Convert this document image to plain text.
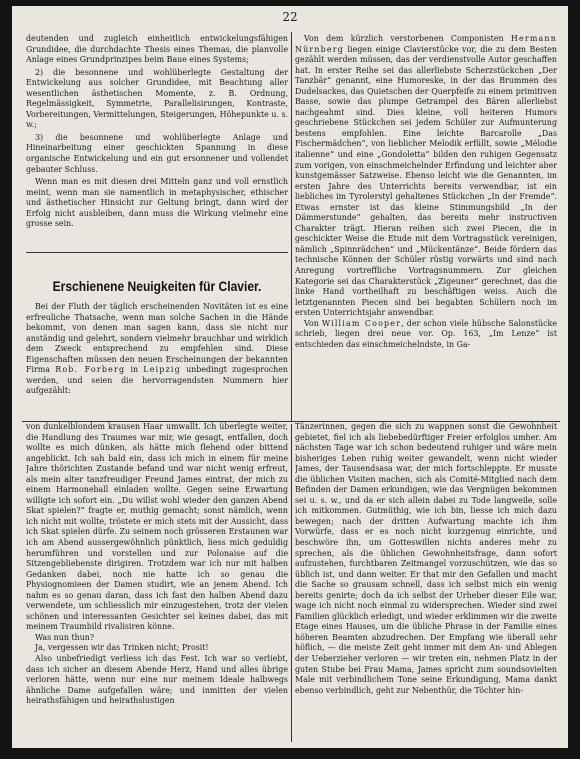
22

deutenden und zugleich einheitlich entwickelungsfähigen Grundidee, die durchdachte Thesis eines Themas, die planvolle Anlage eines Grundprinzipes beim Baue eines Systems;

2) die besonnene und wohlüberlegte Gestaltung der Entwickelung aus solcher Grundidee, mit Beachtung aller wesentlichen ästhetischen Momente, z. B. Ordnung, Regelmässigkeit, Symmetrie, Parallelisirungen, Kontraste, Vorbereitungen, Vermittelungen, Steigerungen, Höhepunkte u. s. w.;

3) die besonnene und wohlüberlegte Anlage und Hineinarbeitung einer geschickten Spannung in diese organische Entwickelung und ein gut ersonnener und vollendet gebauter Schluss.

Wenn man es mit diesen drei Mitteln ganz und voll ernstlich meint, wenn man sie namentlich in metaphysischer, ethischer und ästhetischer Hinsicht zur Geltung bringt, dann wird der Erfolg nicht ausbleiben, dann muss die Wirkung vielmehr eine grosse sein.

Erschienene Neuigkeiten für Clavier.

Bei der Fluth der täglich erscheinenden Novitäten ist es eine erfreuliche Thatsache, wenn man solche Sachen in die Hände bekommt, von denen man sagen kann, dass sie nicht nur anständig und gelehrt, sondern vielmehr brauchbar und wirklich dem Zweck entsprechend zu empfehlen sind. Diese Eigenschaften müssen den neuen Erscheinungen der bekannten Firma Rob. Forberg in Leipzig unbedingt zugesprochen werden, und seien die hervorragendsten Nummern hier aufgezählt:

Von dem kürzlich verstorbenen Componisten Hermann Nürnberg liegen einige Clavierstücke vor, die zu dem Besten gezählt werden müssen, das der verdienstvolle Autor geschaffen hat. In erster Reihe sei das allerliebste Scherzstückchen „Der Tanzbär“ genannt, eine Humoreske, in der das Brummen des Dudelsackes, das Quietschen der Querpfeife zu einem primitiven Basse, sowie das plumpe Getrampel des Bären allerliebst nachgeahmt sind. Dies kleine, voll heiteren Humors geschriebene Stückchen sei jedem Schüler zur Aufmunterung bestens empfohlen. Eine leichte Barcarolle „Das Fischermädchen“, von lieblicher Melodik erfüllt, sowie „Mélodie italienne“ und eine „Gondoletta“ bilden den ruhigen Gegensatz zum vorigen, von einschmeichelnder Erfindung und leichter aber kunstgemässer Satzweise. Ebenso leicht wie die Genannten, im ersten Jahre des Unterrichts bereits verwendbar, ist ein liebliches im Tyrolerstyl gehaltenes Stückchen „In der Fremde“. Etwas ernster ist das kleine Stimmungsbild „In der Dämmerstunde“ gehalten, das bereits mehr instructiven Charakter trägt. Hieran reihen sich zwei Piecen, die in geschickter Weise die Etude mit dem Vortragsstück vereinigen, nämlich „Spinnrädchen“ und „Mückentänze“. Beide fördern das technische Können der Schüler rüstig vorwärts und sind nach Anregung vortreffliche Vortragsnummern. Zur gleichen Kategorie sei das Charakterstück „Zigeuner“ gerechnet, das die linke Hand vortheilhaft zu beschäftigen weiss. Auch die letztgenannten Piecen sind bei begabten Schülern noch im ersten Unterrichtsjahr anwendbar.

Von William Cooper, der schon viele hübsche Salonstücke schrieb, liegen drei neue vor. Op. 163, „Im Lenze“ ist entschieden das einschmeichelndste, in Ga-

von dunkelblondem krausen Haar umwallt. Ich überlegte weiter, die Handlung des Traumes war mir, wie gesagt, entfallen, doch wollte es mich dünken, als hätte mich flehend oder bittend angeblickt. Ich sah bald ein, dass ich mich in einem für meine Jahre thörichten Zustande befand und war nicht wenig erfreut, als mein alter tanzfreudiger Freund James eintrat, der mich zu einem Harmoneball einladen wollte. Gegen seine Erwartung willigte ich sofort ein. „Du willst wohl wieder den ganzen Abend Skat spielen?“ fragte er, muthig gemacht; sonst nämlich, wenn ich nicht mit wollte, tröstete er mich stets mit der Aussicht, dass ich Skat spielen dürfe. Zu seinem noch grösseren Erstaunen war ich am Abend aussergewöhnlich pünktlich, liess mich geduldig herumführen und vorstellen und zur Polonaise auf die Sitzengebliebenste dirigiren. Trotzdem war ich nur mit halben Gedanken dabei, noch nie hatte ich so genau die Physiognomieen der Damen studirt, wie an jenem Abend. Ich nahm es so genau daran, dass ich fast den halben Abend dazu verwendete, um schliesslich mir einzugestehen, trotz der vielen schönen und interessanten Gesichter sei keines dabei, das mit meinem Traumbild rivalisiren könne.

Was nun thun?

Ja, vergessen wir das Trinken nicht; Prosit!

Also unbefriedigt verliess ich das Fest. Ich war so verliebt, dass ich sicher an diesem Abende Herz, Hand und alles übrige verloren hätte, wenn nur eine nur meinem Ideale halbwegs ähnliche Dame aufgefallen wäre; und inmitten der vielen heirathsfähigen und heirathslustigen

Tänzerinnen, gegen die sich zu wappnen sonst die Gewohnheit gebietet, fiel ich als liebebedürftiger Freier erfolglos umher. Am nächsten Tage war ich schon bedeutend ruhiger und wäre mein bisheriges Leben ruhig weiter gewandelt, wenn nicht wieder James, der Tausendsasa war, der mich fortschleppte. Er musste die üblichen Visiten machen, sich als Comité-Mitglied nach dem Befinden der Damen erkundigen, wie das Vergnügen bekommen sei u. s. w., und da er sich allein dabei zu Tode langweile, solle ich mitkommen. Gutmüthig, wie ich bin, liesse ich mich dazu bewegen; nach der dritten Aufwartung machte ich ihm Vorwürfe, dass er es noch nicht kurzgenug einrichte, und beschwöre ihn, um Gotteswillen nichts anderes mehr zu sprechen, als die üblichen Gewohnheitsfrage, dann sofort aufzustehen, furchtbaren Zeitmangel vorzuschützen, wie das so üblich ist, und dann weiter. Er that mir den Gefallen und macht die Sache so grausam schnell, dass ich selbst mich ein wenig bereits genirte; doch da ich selbst der Urheber dieser Eile war, wage ich nicht noch einmal zu widersprechen. Wieder sind zwei Familien glücklich erledigt, und wieder erklimmen wir die zweite Etage eines Hauses, um die übliche Phrase in der Familie eines höheren Beamten abzudrechen. Der Empfang wie überall sehr höflich, — die meiste Zeit geht immer mit dem An- und Ablegen der Ueberzieher verloren — wir treten ein, nehmen Platz in der guten Stube bei Frau Mama, James spricht zum soundsovielten Male mit verbindlichem Tone seine Erkundigung, Mama dankt ebenso verbindlich, geht zur Nebenthür, die Töchter hin-
